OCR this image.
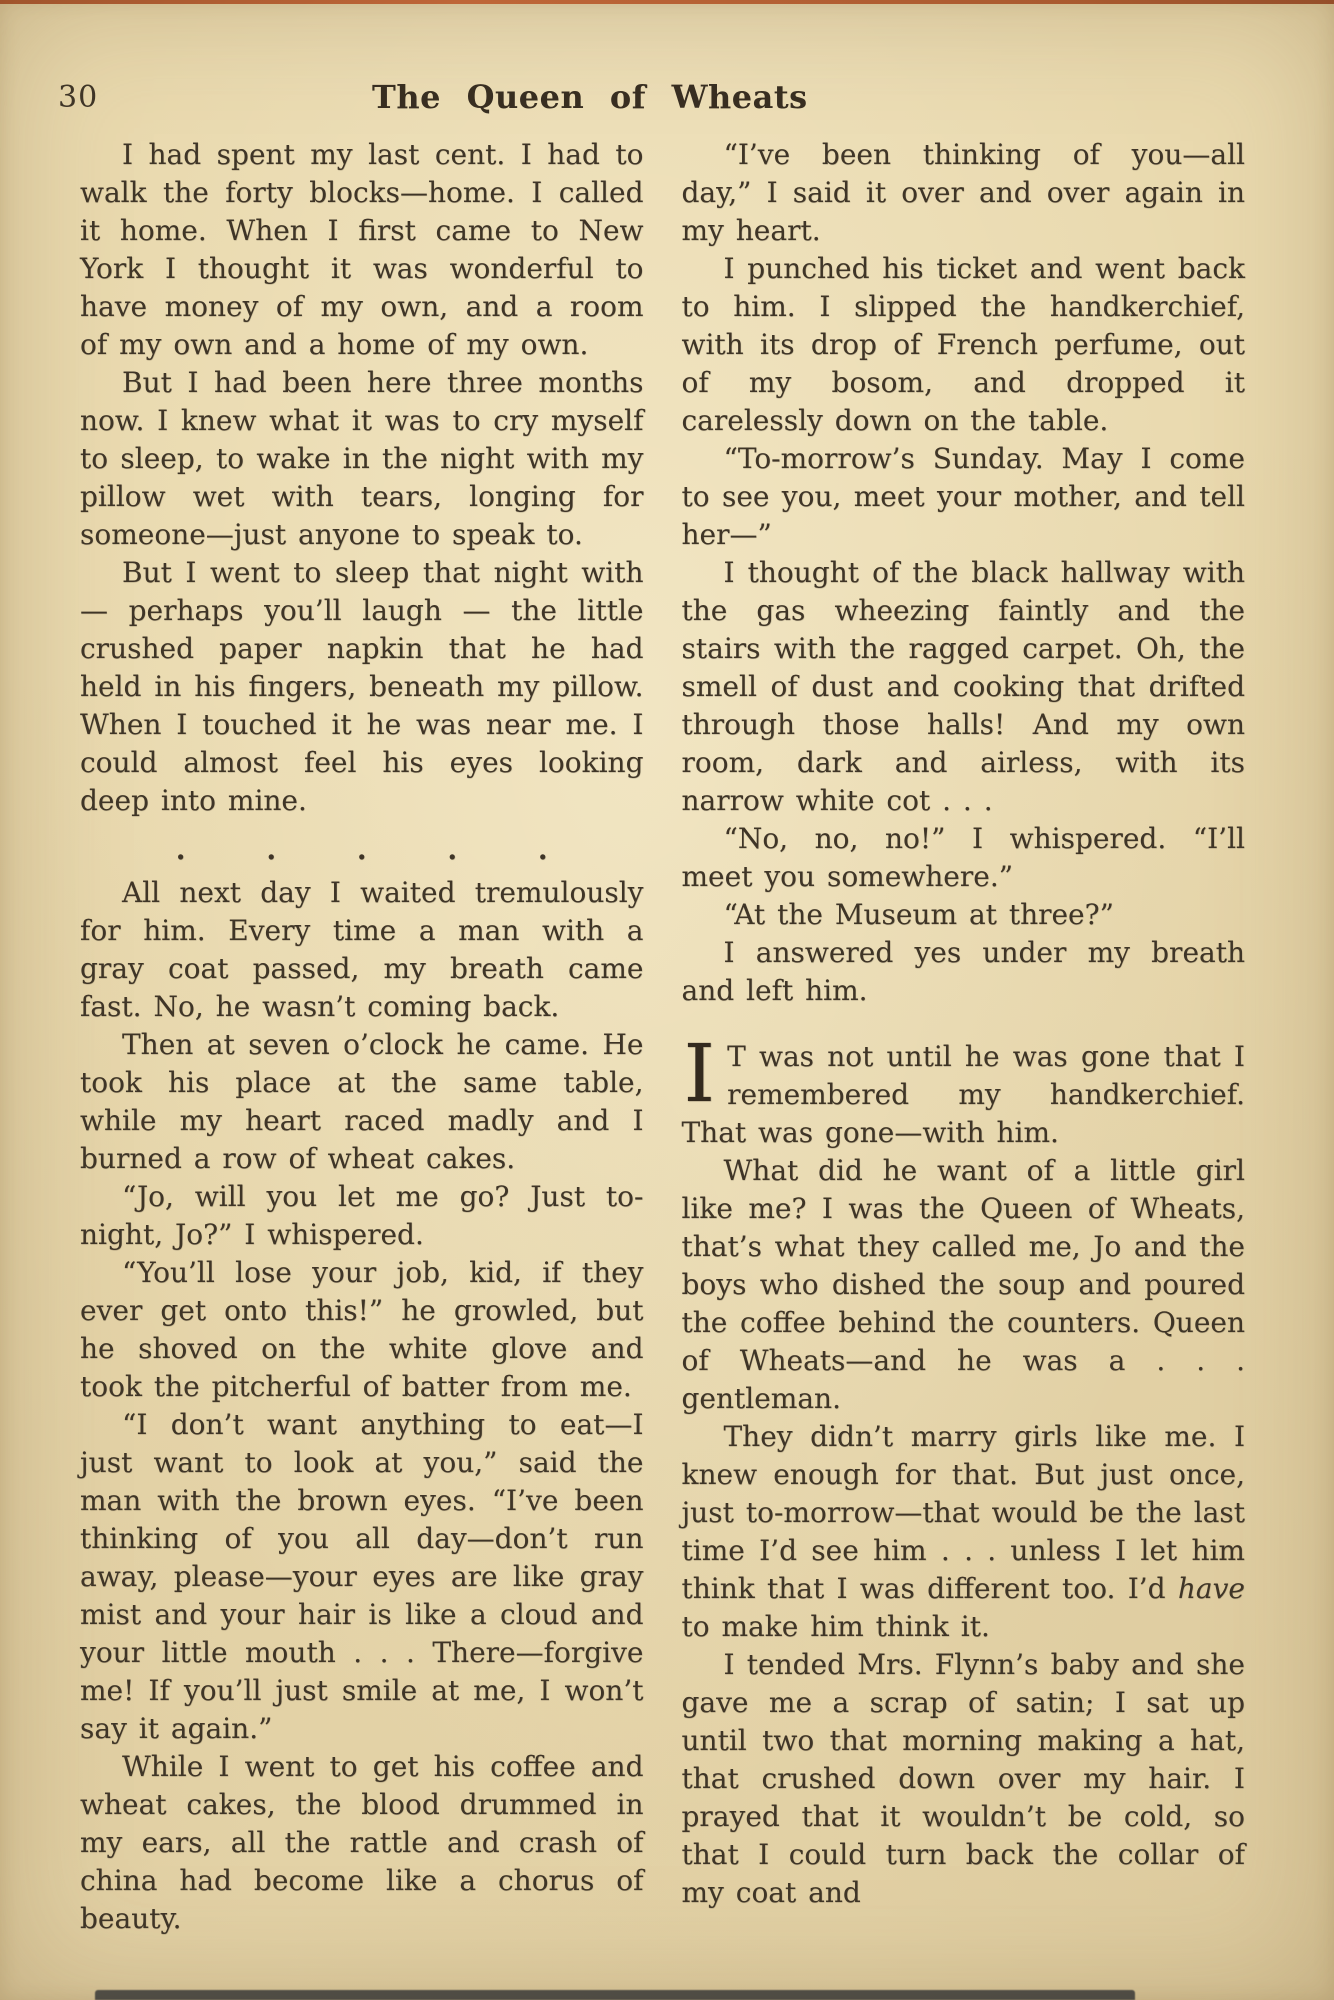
30	The Queen of Wheats

I had spent my last cent. I had to walk the forty blocks—home. I called it home. When I first came to New York I thought it was wonderful to have money of my own, and a room of my own and a home of my own.

But I had been here three months now. I knew what it was to cry myself to sleep, to wake in the night with my pillow wet with tears, longing for someone—just anyone to speak to.

But I went to sleep that night with — perhaps you’ll laugh — the little crushed paper napkin that he had held in his fingers, beneath my pillow. When I touched it he was near me. I could almost feel his eyes looking deep into mine.

.	.	.	.	.

All next day I waited tremulously for him. Every time a man with a gray coat passed, my breath came fast. No, he wasn’t coming back.

Then at seven o’clock he came. He took his place at the same table, while my heart raced madly and I burned a row of wheat cakes.

“Jo, will you let me go? Just to-night, Jo?” I whispered.

“You’ll lose your job, kid, if they ever get onto this!” he growled, but he shoved on the white glove and took the pitcherful of batter from me.

“I don’t want anything to eat—I just want to look at you,” said the man with the brown eyes. “I’ve been thinking of you all day—don’t run away, please—your eyes are like gray mist and your hair is like a cloud and your little mouth . . . There—forgive me! If you’ll just smile at me, I won’t say it again.”

While I went to get his coffee and wheat cakes, the blood drummed in my ears, all the rattle and crash of china had become like a chorus of beauty.

“I’ve been thinking of you—all day,” I said it over and over again in my heart.

I punched his ticket and went back to him. I slipped the handkerchief, with its drop of French perfume, out of my bosom, and dropped it carelessly down on the table.

“To-morrow’s Sunday. May I come to see you, meet your mother, and tell her—”

I thought of the black hallway with the gas wheezing faintly and the stairs with the ragged carpet. Oh, the smell of dust and cooking that drifted through those halls! And my own room, dark and airless, with its narrow white cot . . .

“No, no, no!” I whispered. “I’ll meet you somewhere.”

“At the Museum at three?”

I answered yes under my breath and left him.

I T was not until he was gone that I remembered my handkerchief. That was gone—with him.

What did he want of a little girl like me? I was the Queen of Wheats, that’s what they called me, Jo and the boys who dished the soup and poured the coffee behind the counters. Queen of Wheats—and he was a . . . gentleman.

They didn’t marry girls like me. I knew enough for that. But just once, just to-morrow—that would be the last time I’d see him . . . unless I let him think that I was different too. I’d have to make him think it.

I tended Mrs. Flynn’s baby and she gave me a scrap of satin; I sat up until two that morning making a hat, that crushed down over my hair. I prayed that it wouldn’t be cold, so that I could turn back the collar of my coat and
